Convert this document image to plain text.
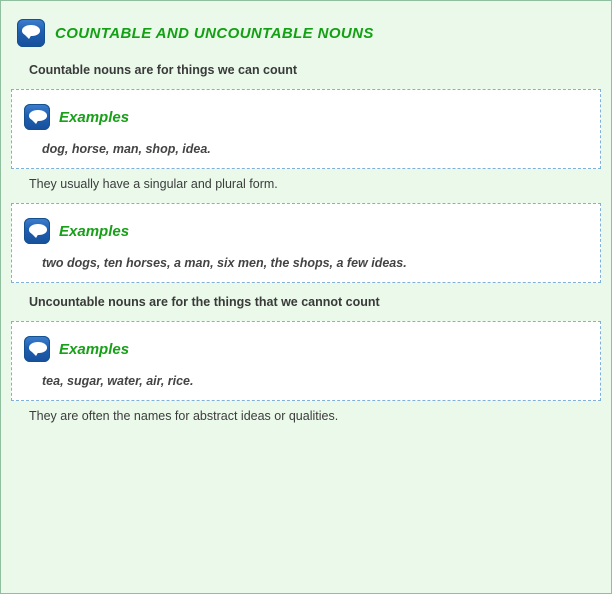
COUNTABLE AND UNCOUNTABLE NOUNS
Countable nouns are for things we can count
Examples
dog, horse, man, shop, idea.
They usually have a singular and plural form.
Examples
two dogs, ten horses, a man, six men, the shops, a few ideas.
Uncountable nouns are for the things that we cannot count
Examples
tea, sugar, water, air, rice.
They are often the names for abstract ideas or qualities.
